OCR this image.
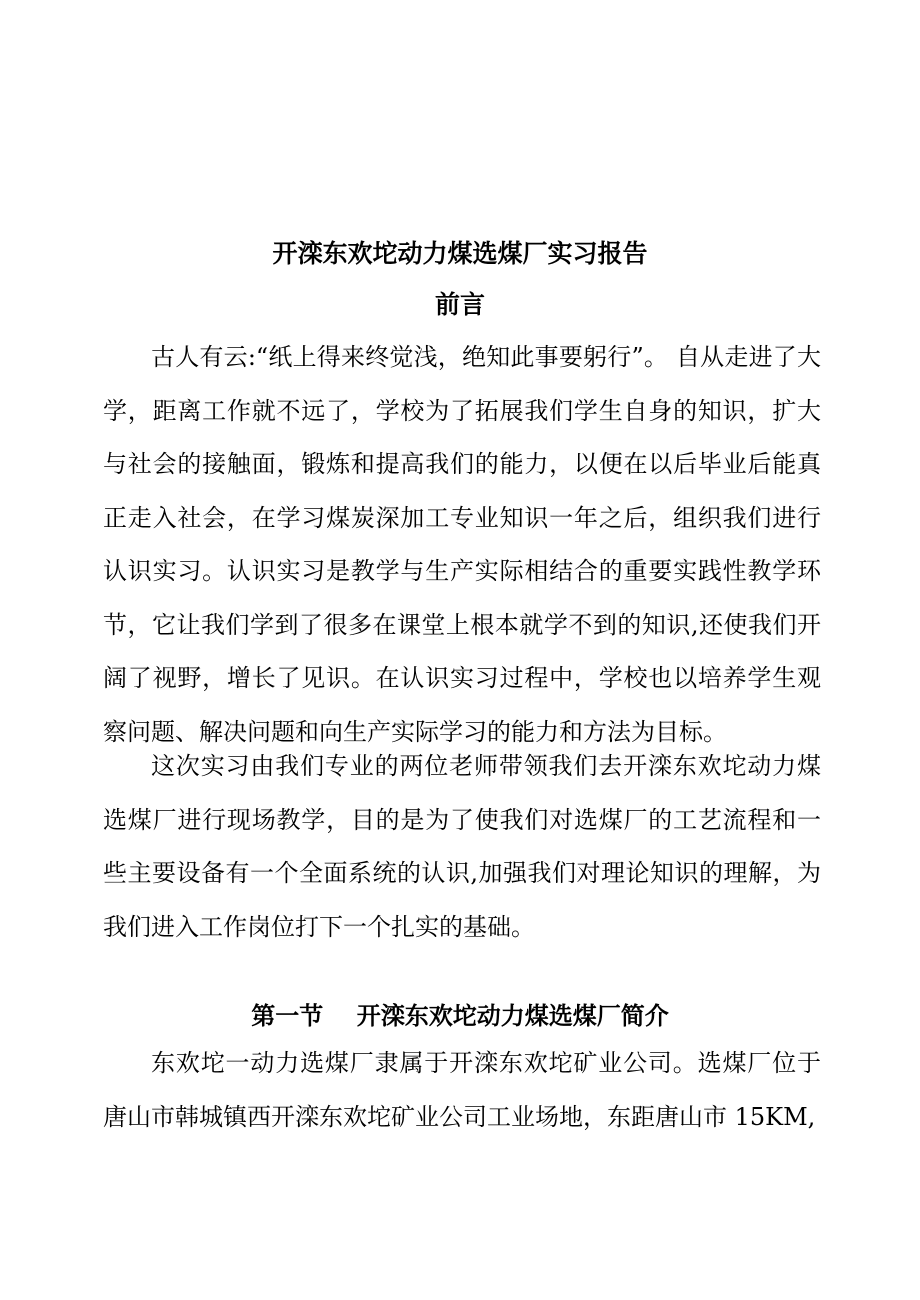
开滦东欢坨动力煤选煤厂实习报告
前言

古人有云:“纸上得来终觉浅，绝知此事要躬行”。 自从走进了大学，距离工作就不远了，学校为了拓展我们学生自身的知识，扩大与社会的接触面，锻炼和提高我们的能力，以便在以后毕业后能真正走入社会，在学习煤炭深加工专业知识一年之后，组织我们进行认识实习。认识实习是教学与生产实际相结合的重要实践性教学环节，它让我们学到了很多在课堂上根本就学不到的知识,还使我们开阔了视野，增长了见识。在认识实习过程中，学校也以培养学生观察问题、解决问题和向生产实际学习的能力和方法为目标。

这次实习由我们专业的两位老师带领我们去开滦东欢坨动力煤选煤厂进行现场教学，目的是为了使我们对选煤厂的工艺流程和一些主要设备有一个全面系统的认识,加强我们对理论知识的理解，为我们进入工作岗位打下一个扎实的基础。

第一节    开滦东欢坨动力煤选煤厂简介

东欢坨一动力选煤厂隶属于开滦东欢坨矿业公司。选煤厂位于唐山市韩城镇西开滦东欢坨矿业公司工业场地，东距唐山市 15KM,
